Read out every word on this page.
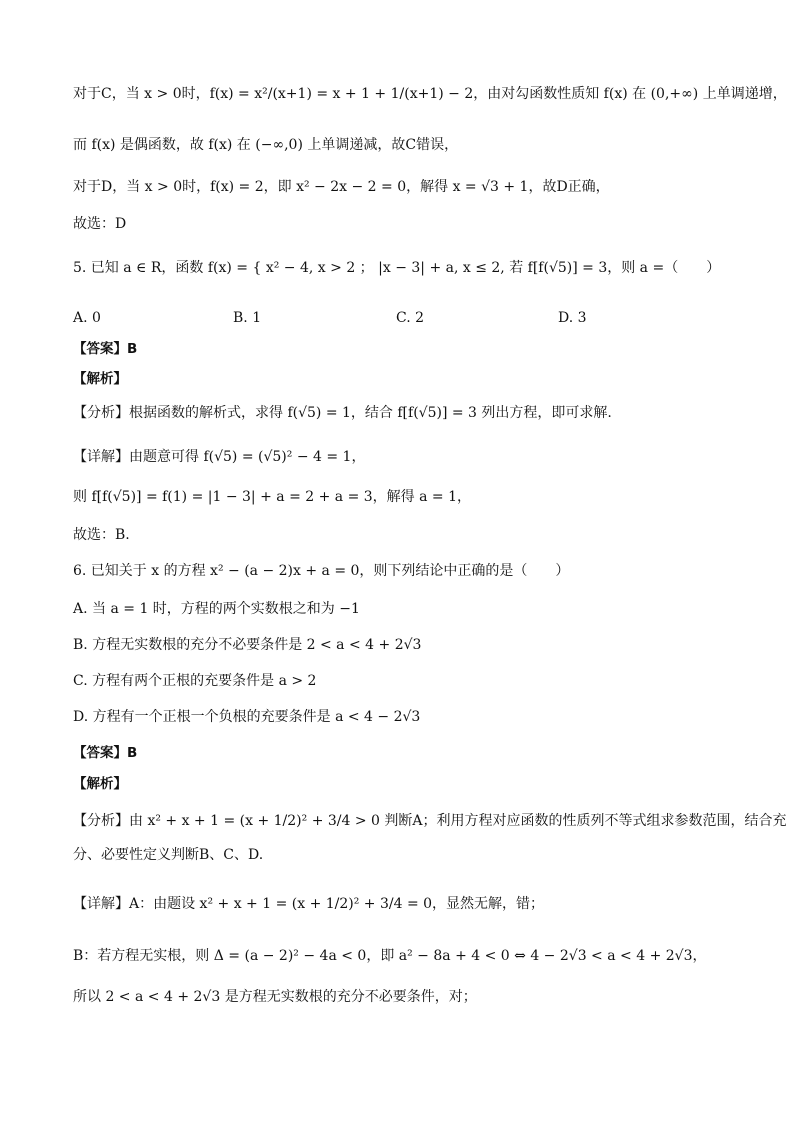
对于C，当 x > 0时，f(x) = x²/(x+1) = x + 1 + 1/(x+1) − 2，由对勾函数性质知 f(x) 在 (0,+∞) 上单调递增，
而 f(x) 是偶函数，故 f(x) 在 (−∞,0) 上单调递减，故C错误，
对于D，当 x > 0时，f(x) = 2，即 x² − 2x − 2 = 0，解得 x = √3 + 1，故D正确，
故选：D
5. 已知 a ∈ R，函数 f(x) = { x² − 4, x > 2 ； |x − 3| + a, x ≤ 2, 若 f[f(√5)] = 3，则 a =（　　）
A. 0	B. 1	C. 2	D. 3
【答案】B
【解析】
【分析】根据函数的解析式，求得 f(√5) = 1，结合 f[f(√5)] = 3 列出方程，即可求解.
【详解】由题意可得 f(√5) = (√5)² − 4 = 1，
则 f[f(√5)] = f(1) = |1 − 3| + a = 2 + a = 3，解得 a = 1，
故选：B.
6. 已知关于 x 的方程 x² − (a − 2)x + a = 0，则下列结论中正确的是（　　）
A. 当 a = 1 时，方程的两个实数根之和为 −1
B. 方程无实数根的充分不必要条件是 2 < a < 4 + 2√3
C. 方程有两个正根的充要条件是 a > 2
D. 方程有一个正根一个负根的充要条件是 a < 4 − 2√3
【答案】B
【解析】
【分析】由 x² + x + 1 = (x + 1/2)² + 3/4 > 0 判断A；利用方程对应函数的性质列不等式组求参数范围，结合充
分、必要性定义判断B、C、D.
【详解】A：由题设 x² + x + 1 = (x + 1/2)² + 3/4 = 0，显然无解，错；
B：若方程无实根，则 Δ = (a − 2)² − 4a < 0，即 a² − 8a + 4 < 0 ⇔ 4 − 2√3 < a < 4 + 2√3，
所以 2 < a < 4 + 2√3 是方程无实数根的充分不必要条件，对；
